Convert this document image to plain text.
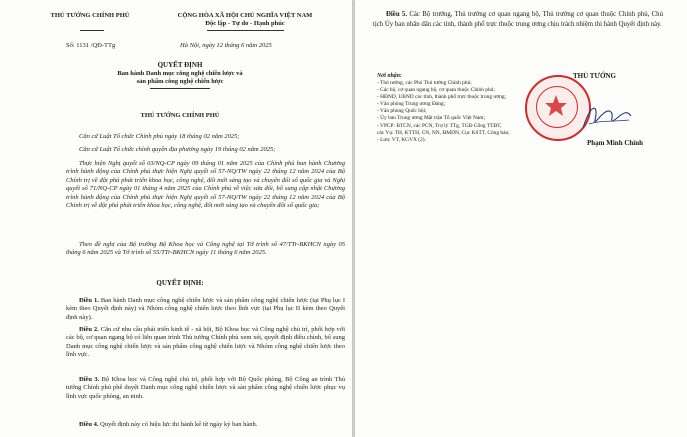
THỦ TƯỚNG CHÍNH PHỦ	CỘNG HÒA XÃ HỘI CHỦ NGHĨA VIỆT NAM
Độc lập - Tự do - Hạnh phúc
Số: 1131 /QĐ-TTg	Hà Nội, ngày 12 tháng 6 năm 2025
QUYẾT ĐỊNH
Ban hành Danh mục công nghệ chiến lược và
sản phẩm công nghệ chiến lược
THỦ TƯỚNG CHÍNH PHỦ
Căn cứ Luật Tổ chức Chính phủ ngày 18 tháng 02 năm 2025;
Căn cứ Luật Tổ chức chính quyền địa phương ngày 19 tháng 02 năm 2025;
Thực hiện Nghị quyết số 03/NQ-CP ngày 09 tháng 01 năm 2025 của Chính phủ ban hành Chương trình hành động của Chính phủ thực hiện Nghị quyết số 57-NQ/TW ngày 22 tháng 12 năm 2024 của Bộ Chính trị về đột phá phát triển khoa học, công nghệ, đổi mới sáng tạo và chuyển đổi số quốc gia và Nghị quyết số 71/NQ-CP ngày 01 tháng 4 năm 2025 của Chính phủ về việc sửa đổi, bổ sung cập nhật Chương trình hành động của Chính phủ thực hiện Nghị quyết số 57-NQ/TW ngày 22 tháng 12 năm 2024 của Bộ Chính trị về đột phá phát triển khoa học, công nghệ, đổi mới sáng tạo và chuyển đổi số quốc gia;
Theo đề nghị của Bộ trưởng Bộ Khoa học và Công nghệ tại Tờ trình số 47/TTr-BKHCN ngày 05 tháng 6 năm 2025 và Tờ trình số 55/TTr-BKHCN ngày 11 tháng 6 năm 2025.
QUYẾT ĐỊNH:
Điều 1. Ban hành Danh mục công nghệ chiến lược và sản phẩm công nghệ chiến lược (tại Phụ lục I kèm theo Quyết định này) và Nhóm công nghệ chiến lược theo lĩnh vực (tại Phụ lục II kèm theo Quyết định này).
Điều 2. Căn cứ nhu cầu phát triển kinh tế - xã hội, Bộ Khoa học và Công nghệ chủ trì, phối hợp với các bộ, cơ quan ngang bộ có liên quan trình Thủ tướng Chính phủ xem xét, quyết định điều chỉnh, bổ sung Danh mục công nghệ chiến lược và sản phẩm công nghệ chiến lược và Nhóm công nghệ chiến lược theo lĩnh vực.
Điều 3. Bộ Khoa học và Công nghệ chủ trì, phối hợp với Bộ Quốc phòng, Bộ Công an trình Thủ tướng Chính phủ phê duyệt Danh mục công nghệ chiến lược và sản phẩm công nghệ chiến lược phục vụ lĩnh vực quốc phòng, an ninh.
Điều 4. Quyết định này có hiệu lực thi hành kể từ ngày ký ban hành.
Điều 5. Các Bộ trưởng, Thủ trưởng cơ quan ngang bộ, Thủ trưởng cơ quan thuộc Chính phủ, Chủ tịch Ủy ban nhân dân các tỉnh, thành phố trực thuộc trung ương chịu trách nhiệm thi hành Quyết định này.
Nơi nhận:
- Thủ tướng, các Phó Thủ tướng Chính phủ;
- Các bộ, cơ quan ngang bộ, cơ quan thuộc Chính phủ;
- HĐND, UBND các tỉnh, thành phố trực thuộc trung ương;
- Văn phòng Trung ương Đảng;
- Văn phòng Quốc hội;
- Ủy ban Trung ương Mặt trận Tổ quốc Việt Nam;
- VPCP: BTCN, các PCN, Trợ lý TTg, TGĐ Cổng TTĐT,
các Vụ: TH, KTTH, CN, NN, ĐMDN, Cục KSTT, Công báo;
- Lưu: VT, KGVX (2).
THỦ TƯỚNG
Phạm Minh Chính
